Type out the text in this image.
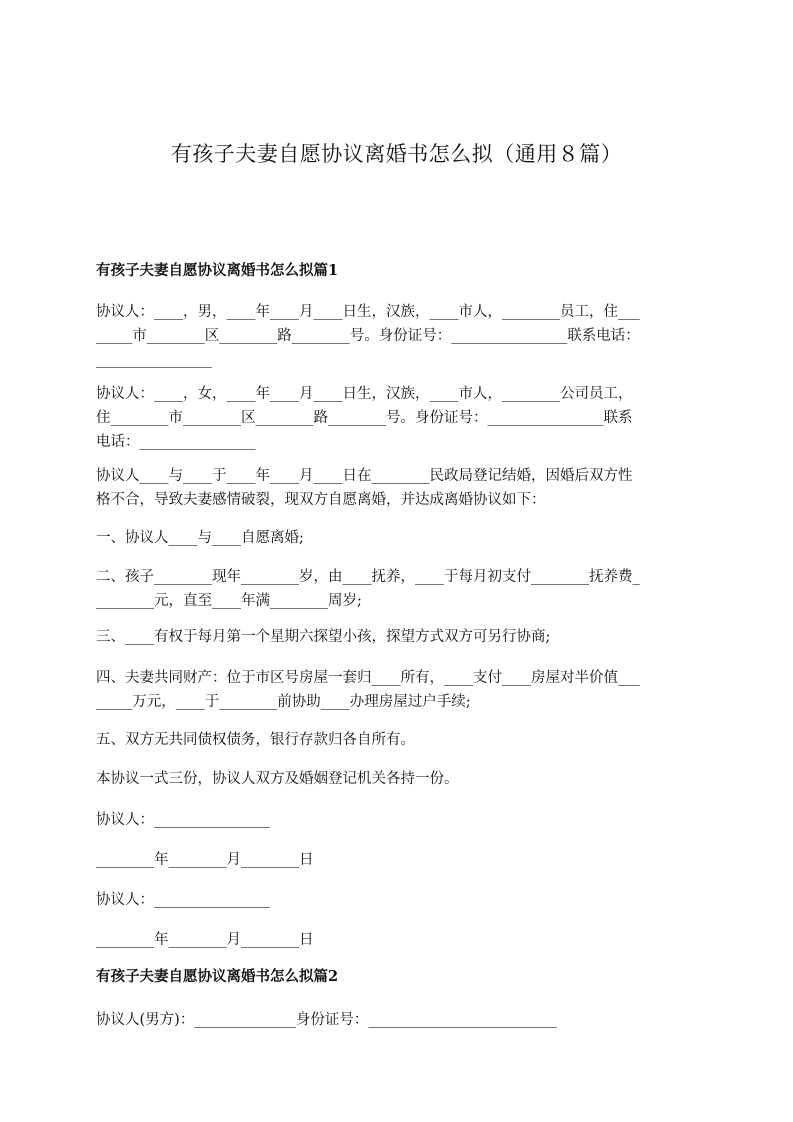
有孩子夫妻自愿协议离婚书怎么拟（通用８篇）
有孩子夫妻自愿协议离婚书怎么拟篇1
协议人：____，男，____年____月____日生，汉族，____市人，________员工，住___
_____市________区________路________号。身份证号：________________联系电话：
________________
协议人：____，女，____年____月____日生，汉族，____市人，________公司员工，
住________市________区________路________号。身份证号：________________联系
电话：________________
协议人____与____于____年____月____日在________民政局登记结婚，因婚后双方性
格不合，导致夫妻感情破裂，现双方自愿离婚，并达成离婚协议如下：
一、协议人____与____自愿离婚;
二、孩子________现年________岁，由____抚养，____于每月初支付________抚养费_
________元，直至____年满________周岁;
三、____有权于每月第一个星期六探望小孩，探望方式双方可另行协商;
四、夫妻共同财产：位于市区号房屋一套归____所有，____支付____房屋对半价值___
_____万元，____于________前协助____办理房屋过户手续;
五、双方无共同债权债务，银行存款归各自所有。
本协议一式三份，协议人双方及婚姻登记机关各持一份。
协议人：________________
________年________月________日
协议人：________________
________年________月________日
有孩子夫妻自愿协议离婚书怎么拟篇2
协议人(男方)：______________身份证号：__________________________
